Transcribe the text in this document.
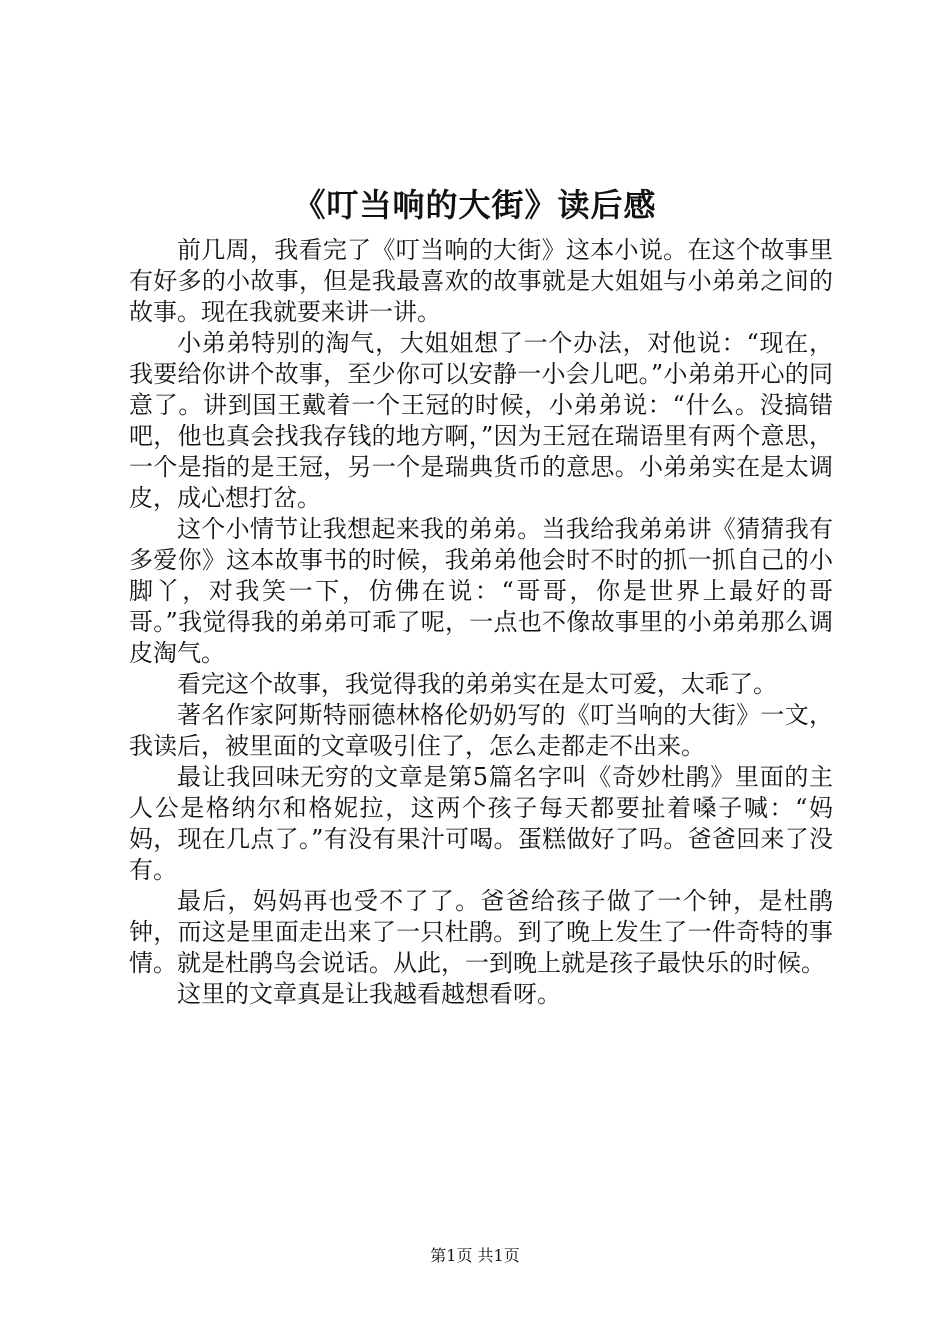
《叮当响的大街》读后感

前几周，我看完了《叮当响的大街》这本小说。在这个故事里有好多的小故事，但是我最喜欢的故事就是大姐姐与小弟弟之间的故事。现在我就要来讲一讲。

小弟弟特别的淘气，大姐姐想了一个办法，对他说：“现在，我要给你讲个故事，至少你可以安静一小会儿吧。”小弟弟开心的同意了。讲到国王戴着一个王冠的时候，小弟弟说：“什么。没搞错吧，他也真会找我存钱的地方啊，”因为王冠在瑞语里有两个意思，一个是指的是王冠，另一个是瑞典货币的意思。小弟弟实在是太调皮，成心想打岔。

这个小情节让我想起来我的弟弟。当我给我弟弟讲《猜猜我有多爱你》这本故事书的时候，我弟弟他会时不时的抓一抓自己的小脚丫，对我笑一下，仿佛在说：“哥哥，你是世界上最好的哥哥。”我觉得我的弟弟可乖了呢，一点也不像故事里的小弟弟那么调皮淘气。

看完这个故事，我觉得我的弟弟实在是太可爱，太乖了。

著名作家阿斯特丽德林格伦奶奶写的《叮当响的大街》一文，我读后，被里面的文章吸引住了，怎么走都走不出来。

最让我回味无穷的文章是第5篇名字叫《奇妙杜鹃》里面的主人公是格纳尔和格妮拉，这两个孩子每天都要扯着嗓子喊：“妈妈，现在几点了。”有没有果汁可喝。蛋糕做好了吗。爸爸回来了没有。

最后，妈妈再也受不了了。爸爸给孩子做了一个钟，是杜鹃钟，而这是里面走出来了一只杜鹃。到了晚上发生了一件奇特的事情。就是杜鹃鸟会说话。从此，一到晚上就是孩子最快乐的时候。

这里的文章真是让我越看越想看呀。

第1页 共1页
